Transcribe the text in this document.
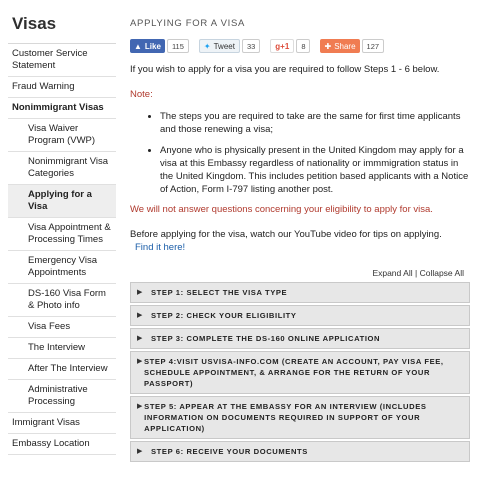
Visas
Customer Service Statement
Fraud Warning
Nonimmigrant Visas
Visa Waiver Program (VWP)
Nonimmigrant Visa Categories
Applying for a Visa
Visa Appointment & Processing Times
Emergency Visa Appointments
DS-160 Visa Form & Photo info
Visa Fees
The Interview
After The Interview
Administrative Processing
Immigrant Visas
Embassy Location
APPLYING FOR A VISA
▲ Like	115	✦ Tweet	33	g+1	8	✚ Share	127
If you wish to apply for a visa you are required to follow Steps 1 - 6 below.
Note:
• The steps you are required to take are the same for first time applicants and those renewing a visa;
• Anyone who is physically present in the United Kingdom may apply for a visa at this Embassy regardless of nationality or immmigration status in the United Kingdom. This includes petition based applicants with a Notice of Action, Form I-797 listing another post.
We will not answer questions concerning your eligibility to apply for visa.
Before applying for the visa, watch our YouTube video for tips on applying.
Find it here!
Expand All | Collapse All
▶	STEP 1: SELECT THE VISA TYPE
▶	STEP 2: CHECK YOUR ELIGIBILITY
▶	STEP 3: COMPLETE THE DS-160 ONLINE APPLICATION
▶ STEP 4:VISIT USVISA-INFO.COM (CREATE AN ACCOUNT, PAY VISA FEE, SCHEDULE APPOINTMENT, & ARRANGE FOR THE RETURN OF YOUR PASSPORT)
▶ STEP 5: APPEAR AT THE EMBASSY FOR AN INTERVIEW (INCLUDES INFORMATION ON DOCUMENTS REQUIRED IN SUPPORT OF YOUR APPLICATION)
▶	STEP 6: RECEIVE YOUR DOCUMENTS
